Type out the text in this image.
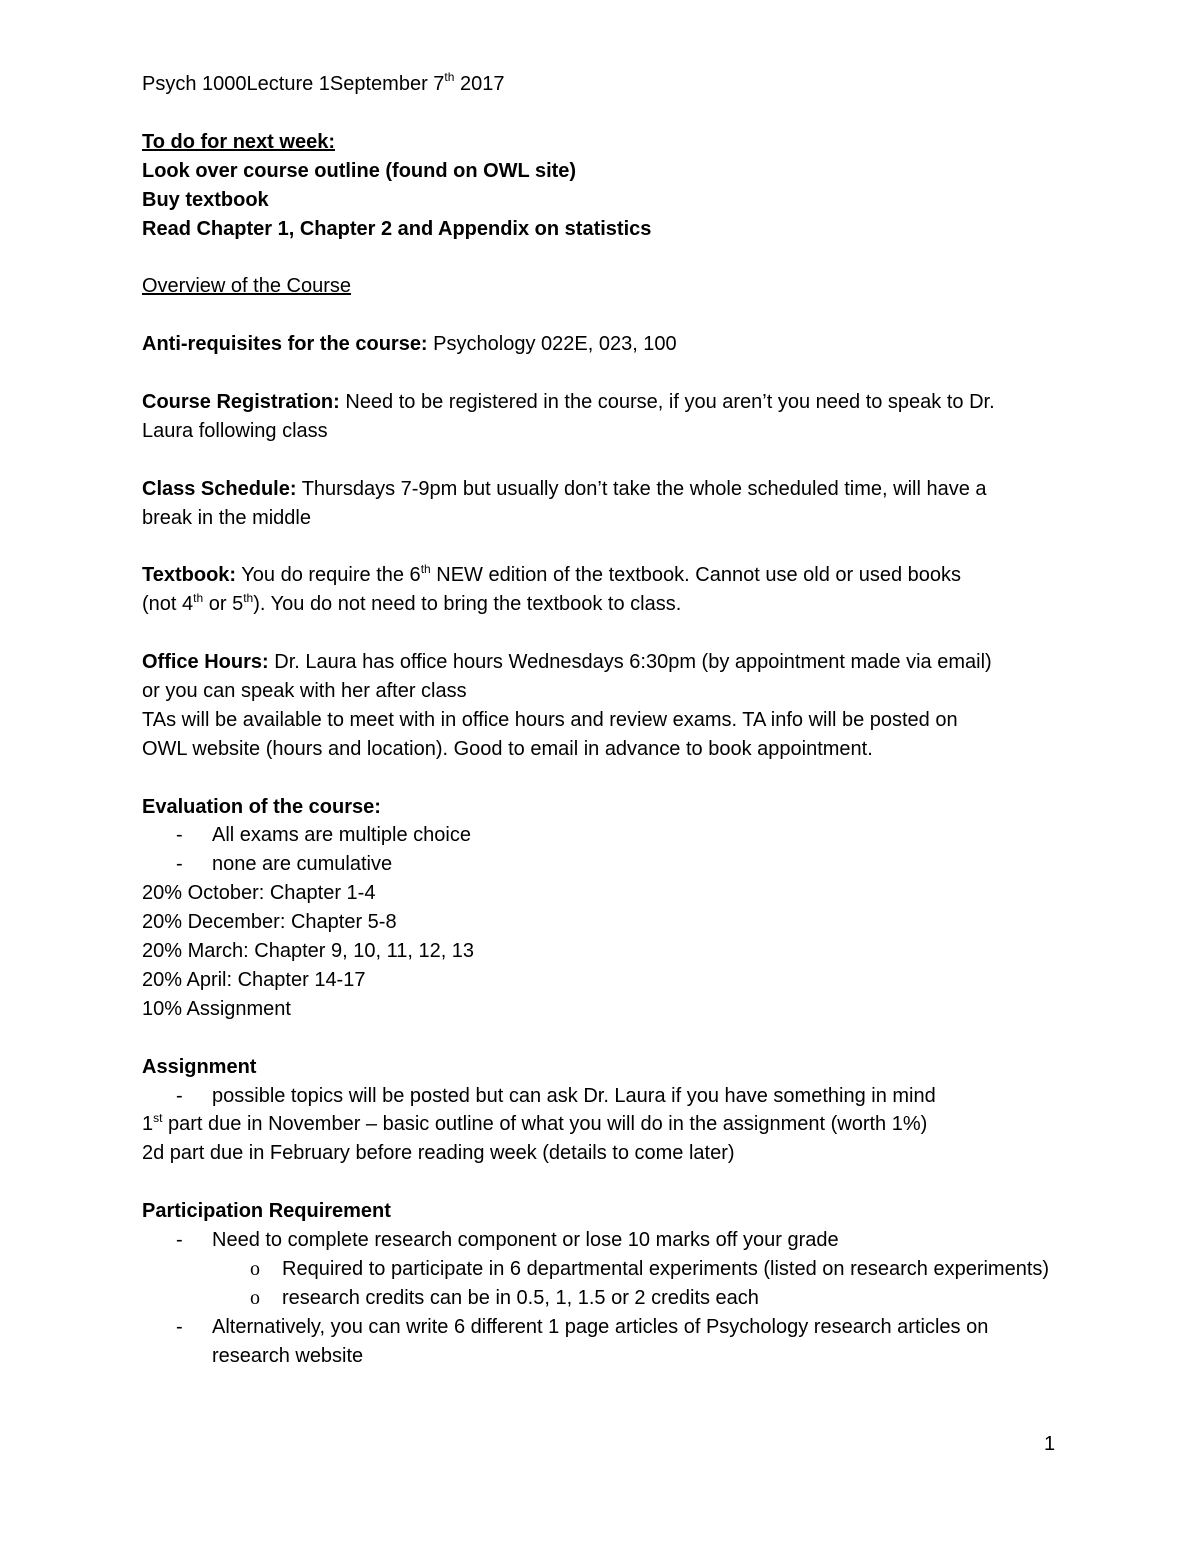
Psych 1000Lecture 1September 7th 2017
To do for next week:
Look over course outline (found on OWL site)
Buy textbook
Read Chapter 1, Chapter 2 and Appendix on statistics
Overview of the Course
Anti-requisites for the course: Psychology 022E, 023, 100
Course Registration: Need to be registered in the course, if you aren’t you need to speak to Dr.
Laura following class
Class Schedule: Thursdays 7-9pm but usually don’t take the whole scheduled time, will have a
break in the middle
Textbook: You do require the 6th NEW edition of the textbook. Cannot use old or used books
(not 4th or 5th). You do not need to bring the textbook to class.
Office Hours: Dr. Laura has office hours Wednesdays 6:30pm (by appointment made via email)
or you can speak with her after class
TAs will be available to meet with in office hours and review exams. TA info will be posted on
OWL website (hours and location). Good to email in advance to book appointment.
Evaluation of the course:
-	All exams are multiple choice
-	none are cumulative
20% October: Chapter 1-4
20% December: Chapter 5-8
20% March: Chapter 9, 10, 11, 12, 13
20% April: Chapter 14-17
10% Assignment
Assignment
-	possible topics will be posted but can ask Dr. Laura if you have something in mind
1st part due in November – basic outline of what you will do in the assignment (worth 1%)
2d part due in February before reading week (details to come later)
Participation Requirement
-	Need to complete research component or lose 10 marks off your grade
o	Required to participate in 6 departmental experiments (listed on research experiments)
o	research credits can be in 0.5, 1, 1.5 or 2 credits each
-	Alternatively, you can write 6 different 1 page articles of Psychology research articles on research website
1
